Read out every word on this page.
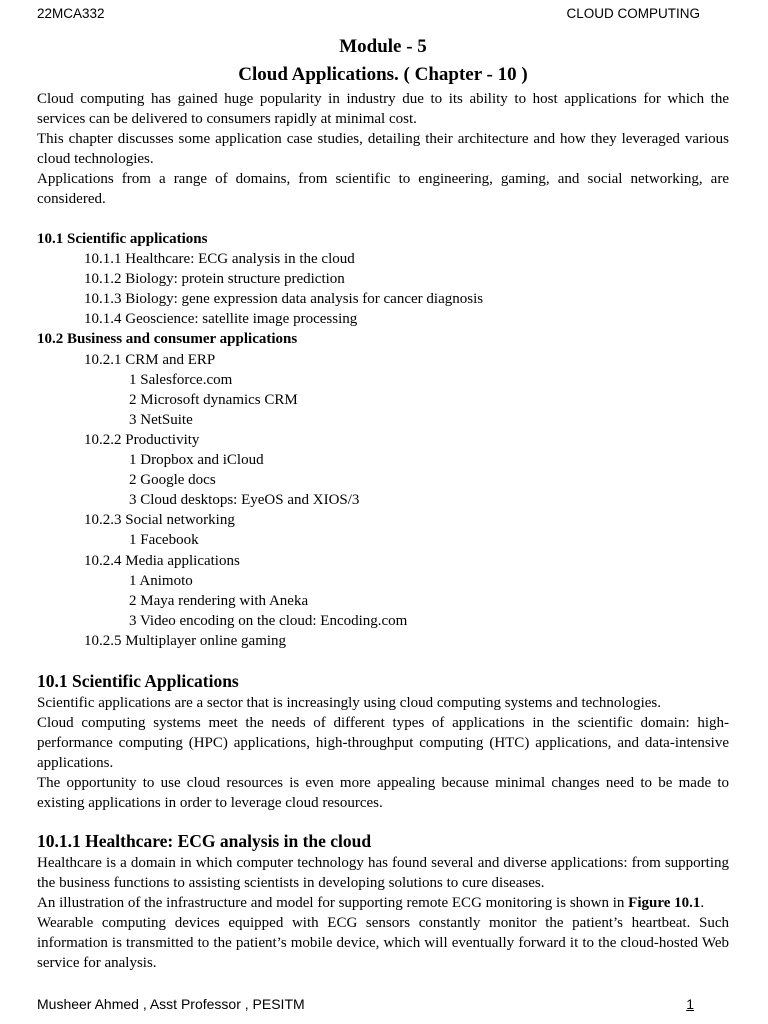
22MCA332	CLOUD COMPUTING
Module - 5
Cloud Applications. ( Chapter - 10 )

Cloud computing has gained huge popularity in industry due to its ability to host applications for which the services can be delivered to consumers rapidly at minimal cost.

This chapter discusses some application case studies, detailing their architecture and how they leveraged various cloud technologies.

Applications from a range of domains, from scientific to engineering, gaming, and social networking, are considered.

10.1 Scientific applications
10.1.1 Healthcare: ECG analysis in the cloud
10.1.2 Biology: protein structure prediction
10.1.3 Biology: gene expression data analysis for cancer diagnosis
10.1.4 Geoscience: satellite image processing
10.2 Business and consumer applications
10.2.1 CRM and ERP
1 Salesforce.com
2 Microsoft dynamics CRM
3 NetSuite
10.2.2 Productivity
1 Dropbox and iCloud
2 Google docs
3 Cloud desktops: EyeOS and XIOS/3
10.2.3 Social networking
1 Facebook
10.2.4 Media applications
1 Animoto
2 Maya rendering with Aneka
3 Video encoding on the cloud: Encoding.com
10.2.5 Multiplayer online gaming
10.1 Scientific Applications

Scientific applications are a sector that is increasingly using cloud computing systems and technologies.

Cloud computing systems meet the needs of different types of applications in the scientific domain: high-performance computing (HPC) applications, high-throughput computing (HTC) applications, and data-intensive applications.

The opportunity to use cloud resources is even more appealing because minimal changes need to be made to existing applications in order to leverage cloud resources.

10.1.1 Healthcare: ECG analysis in the cloud

Healthcare is a domain in which computer technology has found several and diverse applications: from supporting the business functions to assisting scientists in developing solutions to cure diseases.

An illustration of the infrastructure and model for supporting remote ECG monitoring is shown in Figure 10.1.

Wearable computing devices equipped with ECG sensors constantly monitor the patient’s heartbeat. Such information is transmitted to the patient’s mobile device, which will eventually forward it to the cloud-hosted Web service for analysis.

Musheer Ahmed , Asst Professor , PESITM	1
